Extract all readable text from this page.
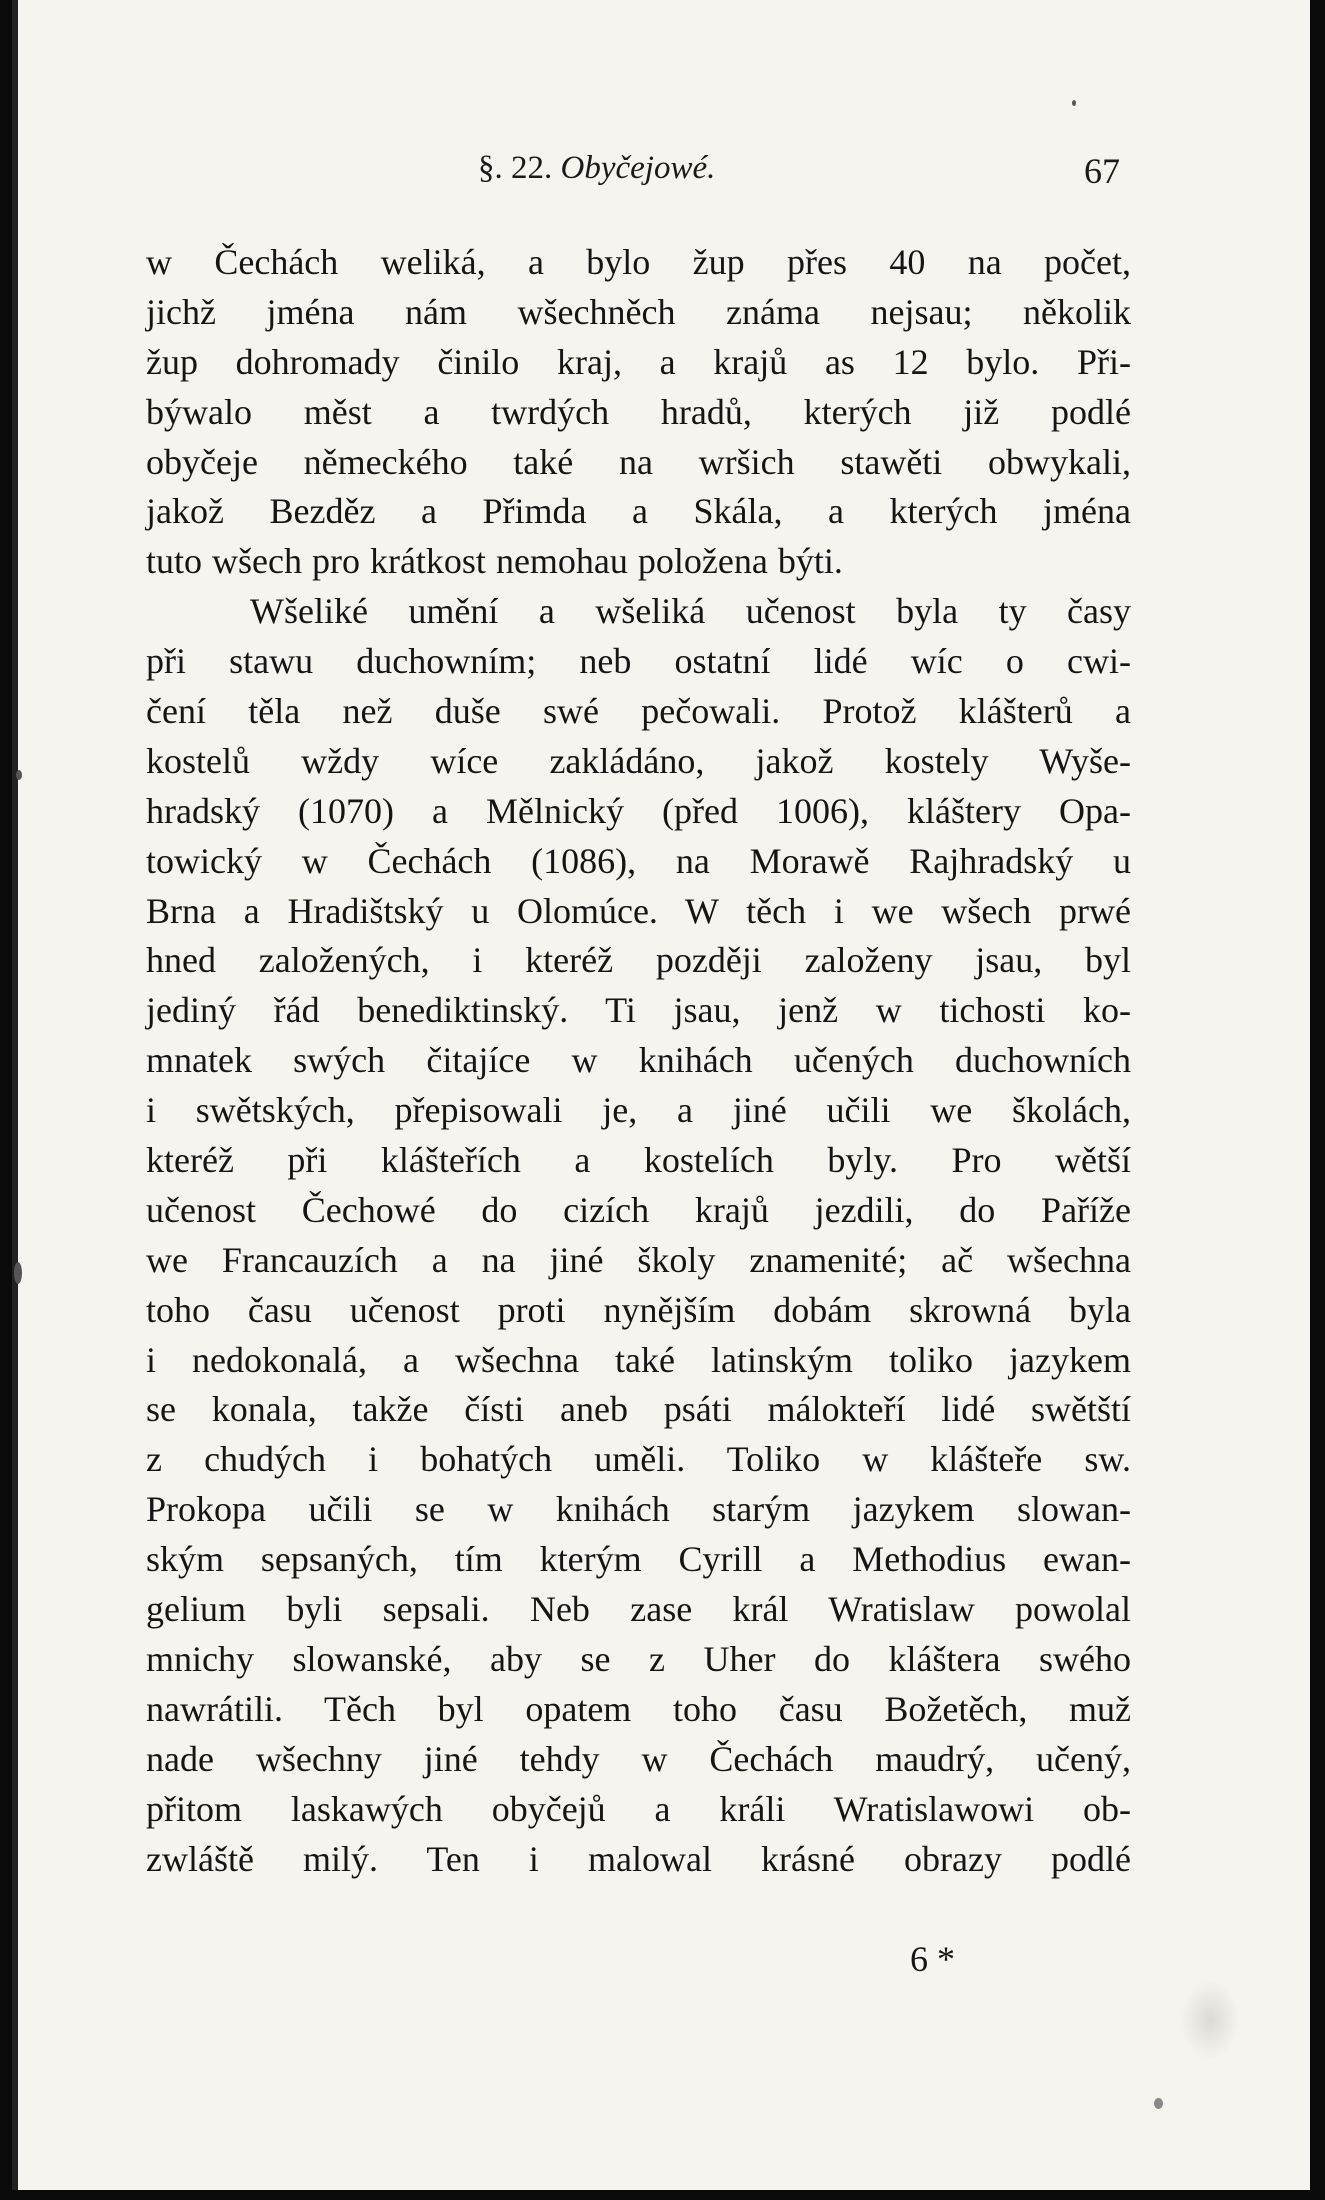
§. 22. Obyčejowé.	67
w Čechách weliká, a bylo žup přes 40 na počet,
jichž jména nám wšechněch známa nejsau; několik
žup dohromady činilo kraj, a krajů as 12 bylo. Při-
býwalo měst a twrdých hradů, kterých již podlé
obyčeje německého také na wršich stawěti obwykali,
jakož Bezděz a Přimda a Skála, a kterých jména
tuto wšech pro krátkost nemohau položena býti.
Wšeliké umění a wšeliká učenost byla ty časy
při stawu duchowním; neb ostatní lidé wíc o cwi-
čení těla než duše swé pečowali. Protož klášterů a
kostelů wždy wíce zakládáno, jakož kostely Wyše-
hradský (1070) a Mělnický (před 1006), kláštery Opa-
towický w Čechách (1086), na Morawě Rajhradský u
Brna a Hradištský u Olomúce. W těch i we wšech prwé
hned založených, i kteréž později založeny jsau, byl
jediný řád benediktinský. Ti jsau, jenž w tichosti ko-
mnatek swých čitajíce w knihách učených duchowních
i swětských, přepisowali je, a jiné učili we školách,
kteréž při klášteřích a kostelích byly. Pro wětší
učenost Čechowé do cizích krajů jezdili, do Paříže
we Francauzích a na jiné školy znamenité; ač wšechna
toho času učenost proti nynějším dobám skrowná byla
i nedokonalá, a wšechna také latinským toliko jazykem
se konala, takže čísti aneb psáti málokteří lidé swětští
z chudých i bohatých uměli. Toliko w klášteře sw.
Prokopa učili se w knihách starým jazykem slowan-
ským sepsaných, tím kterým Cyrill a Methodius ewan-
gelium byli sepsali. Neb zase král Wratislaw powolal
mnichy slowanské, aby se z Uher do kláštera swého
nawrátili. Těch byl opatem toho času Božetěch, muž
nade wšechny jiné tehdy w Čechách maudrý, učený,
přitom laskawých obyčejů a králi Wratislawowi ob-
zwláště milý. Ten i malowal krásné obrazy podlé
6 *
